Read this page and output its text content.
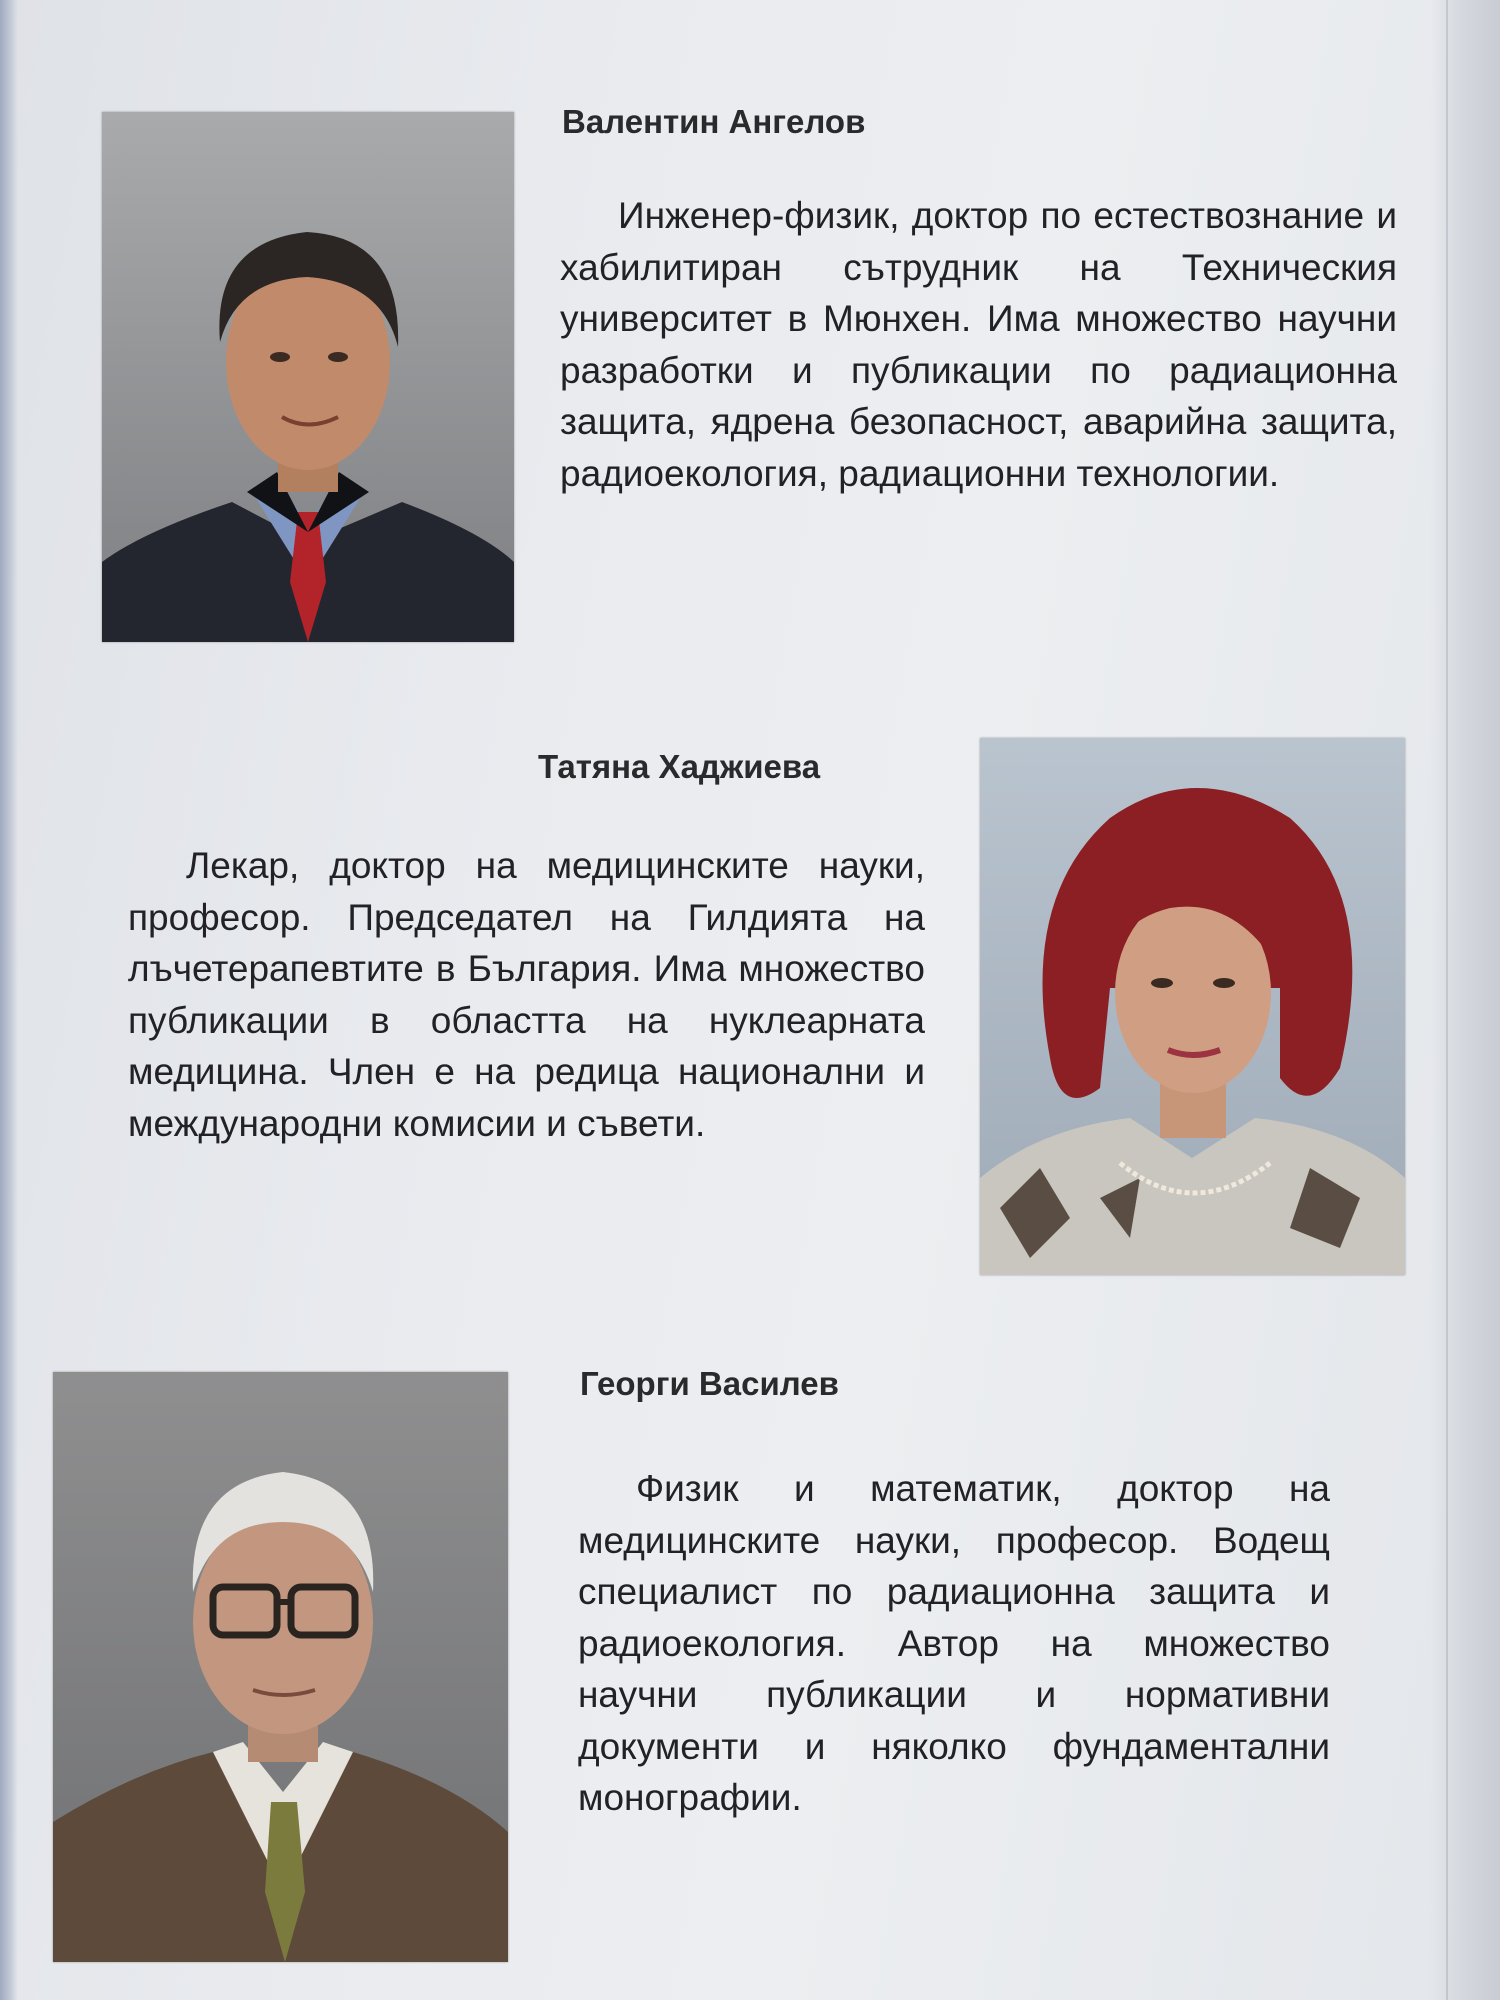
Валентин Ангелов

Инженер-физик, доктор по естествознание и хабилитиран сътрудник на Техническия университет в Мюнхен. Има множество научни разработки и публикации по радиационна защита, ядрена безопасност, аварийна защита, радиоекология, радиационни технологии.

Татяна Хаджиева

Лекар, доктор на медицинските науки, професор. Председател на Гилдията на лъчетерапевтите в България. Има множество публикации в областта на нуклеарната медицина. Член е на редица национални и международни комисии и съвети.

Георги Василев

Физик и математик, доктор на медицинските науки, професор. Водещ специалист по радиационна защита и радиоекология. Автор на множество научни публикации и нормативни документи и няколко фундаментални монографии.
